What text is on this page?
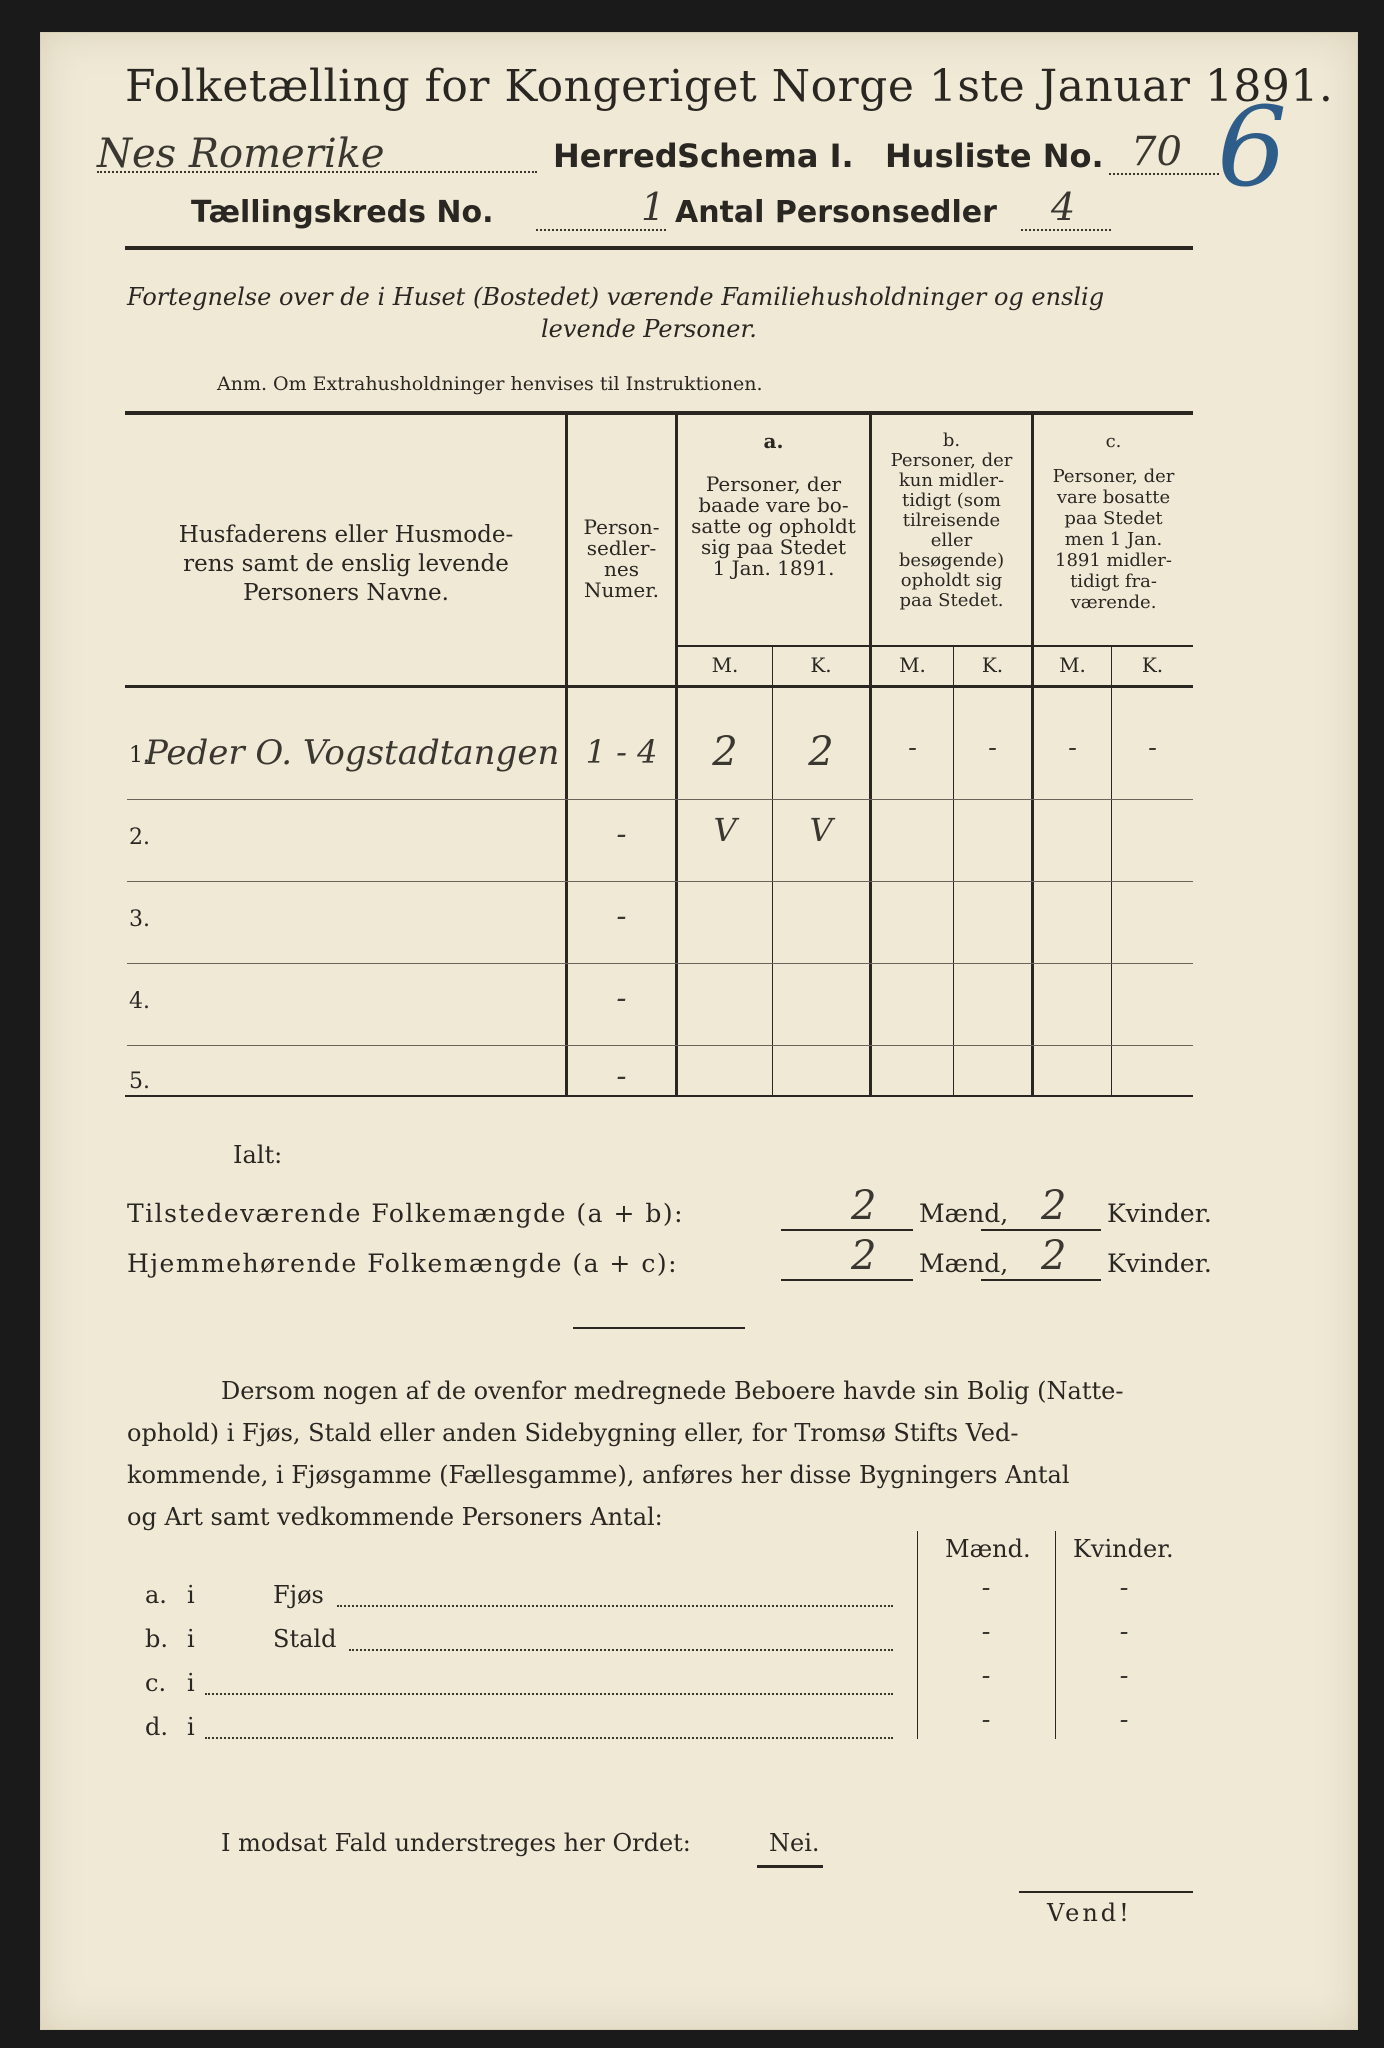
Folketælling for Kongeriget Norge 1ste Januar 1891.
6
Nes Romerike	Herred.
Schema I. Husliste No. 70
Tællingskreds No.	1 Antal Personsedler 4
Fortegnelse over de i Huset (Bostedet) værende Familiehusholdninger og enslig
levende Personer.
Anm. Om Extrahusholdninger henvises til Instruktionen.
Husfaderens eller Husmode-
rens samt de enslig levende
Personers Navne.
Person-
sedler-
nes
Numer.
a.
Personer, der
baade vare bo-
satte og opholdt
sig paa Stedet
1 Jan. 1891.
b.
Personer, der
kun midler-
tidigt (som
tilreisende
eller
besøgende)
opholdt sig
paa Stedet.
c.
Personer, der
vare bosatte
paa Stedet
men 1 Jan.
1891 midler-
tidigt fra-
værende.
M.	K.	M.	K.	M.	K.
1.
Peder O. Vogstadtangen 1 - 4	2	2	-	-	-	-
2.	-	V	V
3.	-
4.	-
5.	-
Ialt:
Tilstedeværende Folkemængde (a + b):	2 Mænd, 2 Kvinder.
Hjemmehørende Folkemængde (a + c):	2 Mænd, 2 Kvinder.
Dersom nogen af de ovenfor medregnede Beboere havde sin Bolig (Natte-
ophold) i Fjøs, Stald eller anden Sidebygning eller, for Tromsø Stifts Ved-
kommende, i Fjøsgamme (Fællesgamme), anføres her disse Bygningers Antal
og Art samt vedkommende Personers Antal:
Mænd. Kvinder.
a. i	Fjøs	-	-
b. i	Stald	-	-
c. i	-	-
d. i	-	-
I modsat Fald understreges her Ordet:	Nei.
Vend!
